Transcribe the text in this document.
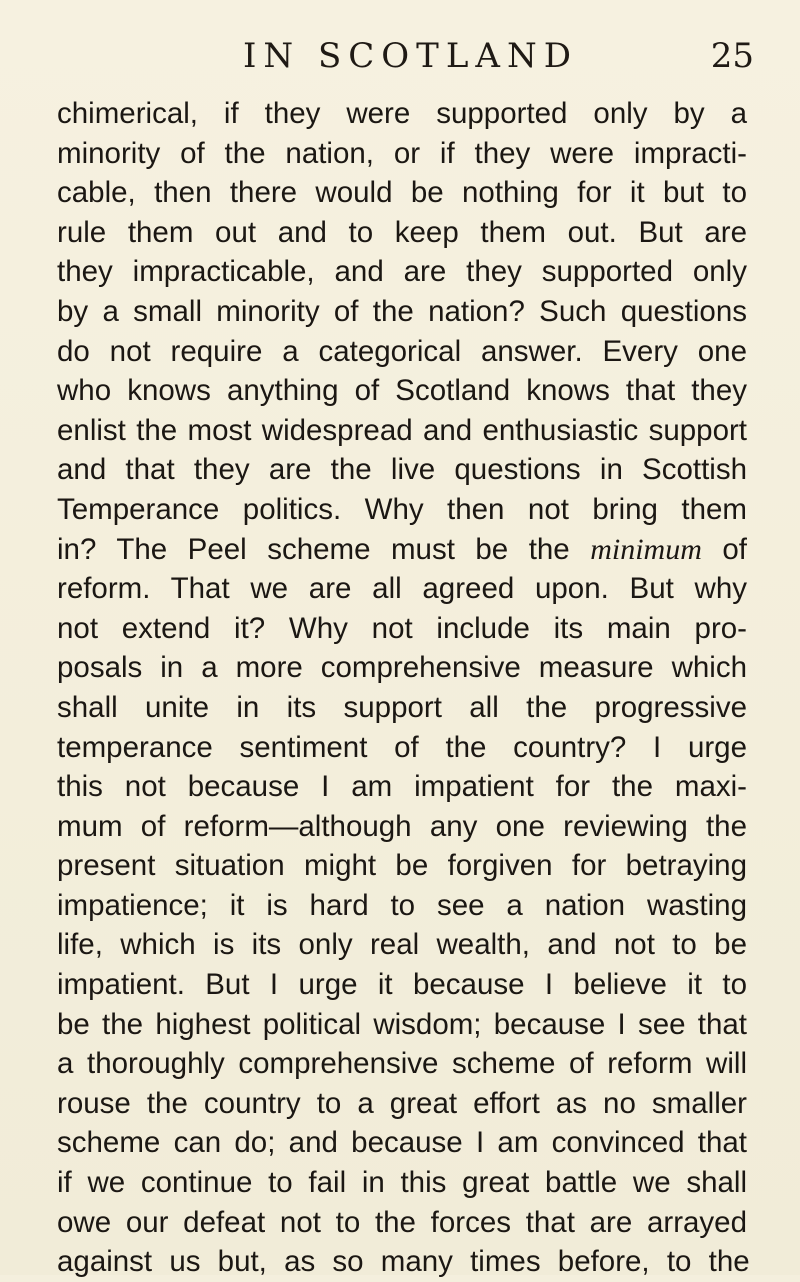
IN SCOTLAND	25
chimerical, if they were supported only by a
minority of the nation, or if they were impracti-
cable, then there would be nothing for it but to
rule them out and to keep them out. But are
they impracticable, and are they supported only
by a small minority of the nation? Such questions
do not require a categorical answer. Every one
who knows anything of Scotland knows that they
enlist the most widespread and enthusiastic support
and that they are the live questions in Scottish
Temperance politics. Why then not bring them
in? The Peel scheme must be the minimum of
reform. That we are all agreed upon. But why
not extend it? Why not include its main pro-
posals in a more comprehensive measure which
shall unite in its support all the progressive
temperance sentiment of the country? I urge
this not because I am impatient for the maxi-
mum of reform—although any one reviewing the
present situation might be forgiven for betraying
impatience; it is hard to see a nation wasting
life, which is its only real wealth, and not to be
impatient. But I urge it because I believe it to
be the highest political wisdom; because I see that
a thoroughly comprehensive scheme of reform will
rouse the country to a great effort as no smaller
scheme can do; and because I am convinced that
if we continue to fail in this great battle we shall
owe our defeat not to the forces that are arrayed
against us but, as so many times before, to the
